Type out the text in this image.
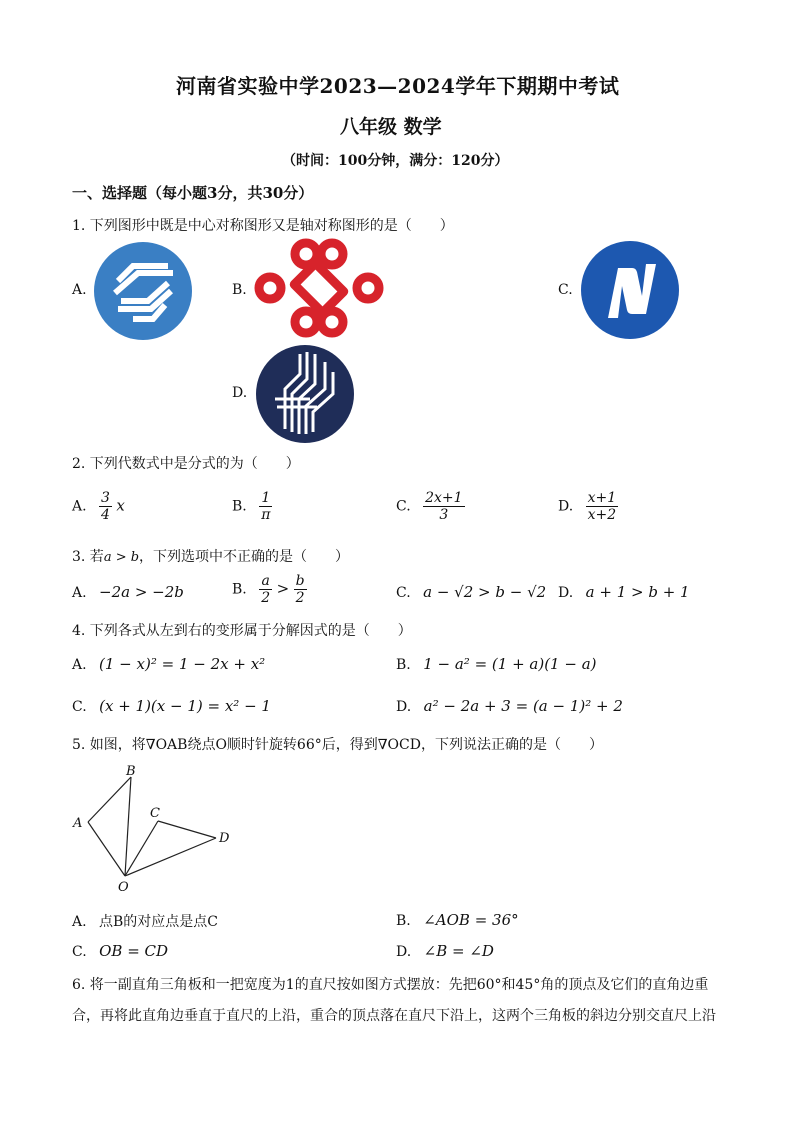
河南省实验中学2023—2024学年下期期中考试
八年级 数学
（时间：100分钟，满分：120分）
一、选择题（每小题3分，共30分）
1. 下列图形中既是中心对称图形又是轴对称图形的是（　　）
A.	B.	C.
D.
2. 下列代数式中是分式的为（　　）
A. $\frac{3}{4}$ x	B. $\frac{1}{\pi}$	C. $\frac{2x+1}{3}$	D. $\frac{x+1}{x+2}$
3. 若a > b，下列选项中不正确的是（　　）
A. −2a > −2b	B. $\frac{a}{2} > \frac{b}{2}$	C. a − √2 > b − √2 D. a + 1 > b + 1
4. 下列各式从左到右的变形属于分解因式的是（　　）
A. (1 − x)² = 1 − 2x + x²	B. 1 − a² = (1 + a)(1 − a)
C. (x + 1)(x − 1) = x² − 1	D. a² − 2a + 3 = (a − 1)² + 2
5. 如图，将∇OAB绕点O顺时针旋转66°后，得到∇OCD，下列说法正确的是（　　）
A
B
C
D
O
A. 点B的对应点是点C	B. ∠AOB = 36°
C. OB = CD	D. ∠B = ∠D
6. 将一副直角三角板和一把宽度为1的直尺按如图方式摆放：先把60°和45°角的顶点及它们的直角边重
合，再将此直角边垂直于直尺的上沿，重合的顶点落在直尺下沿上，这两个三角板的斜边分别交直尺上沿
